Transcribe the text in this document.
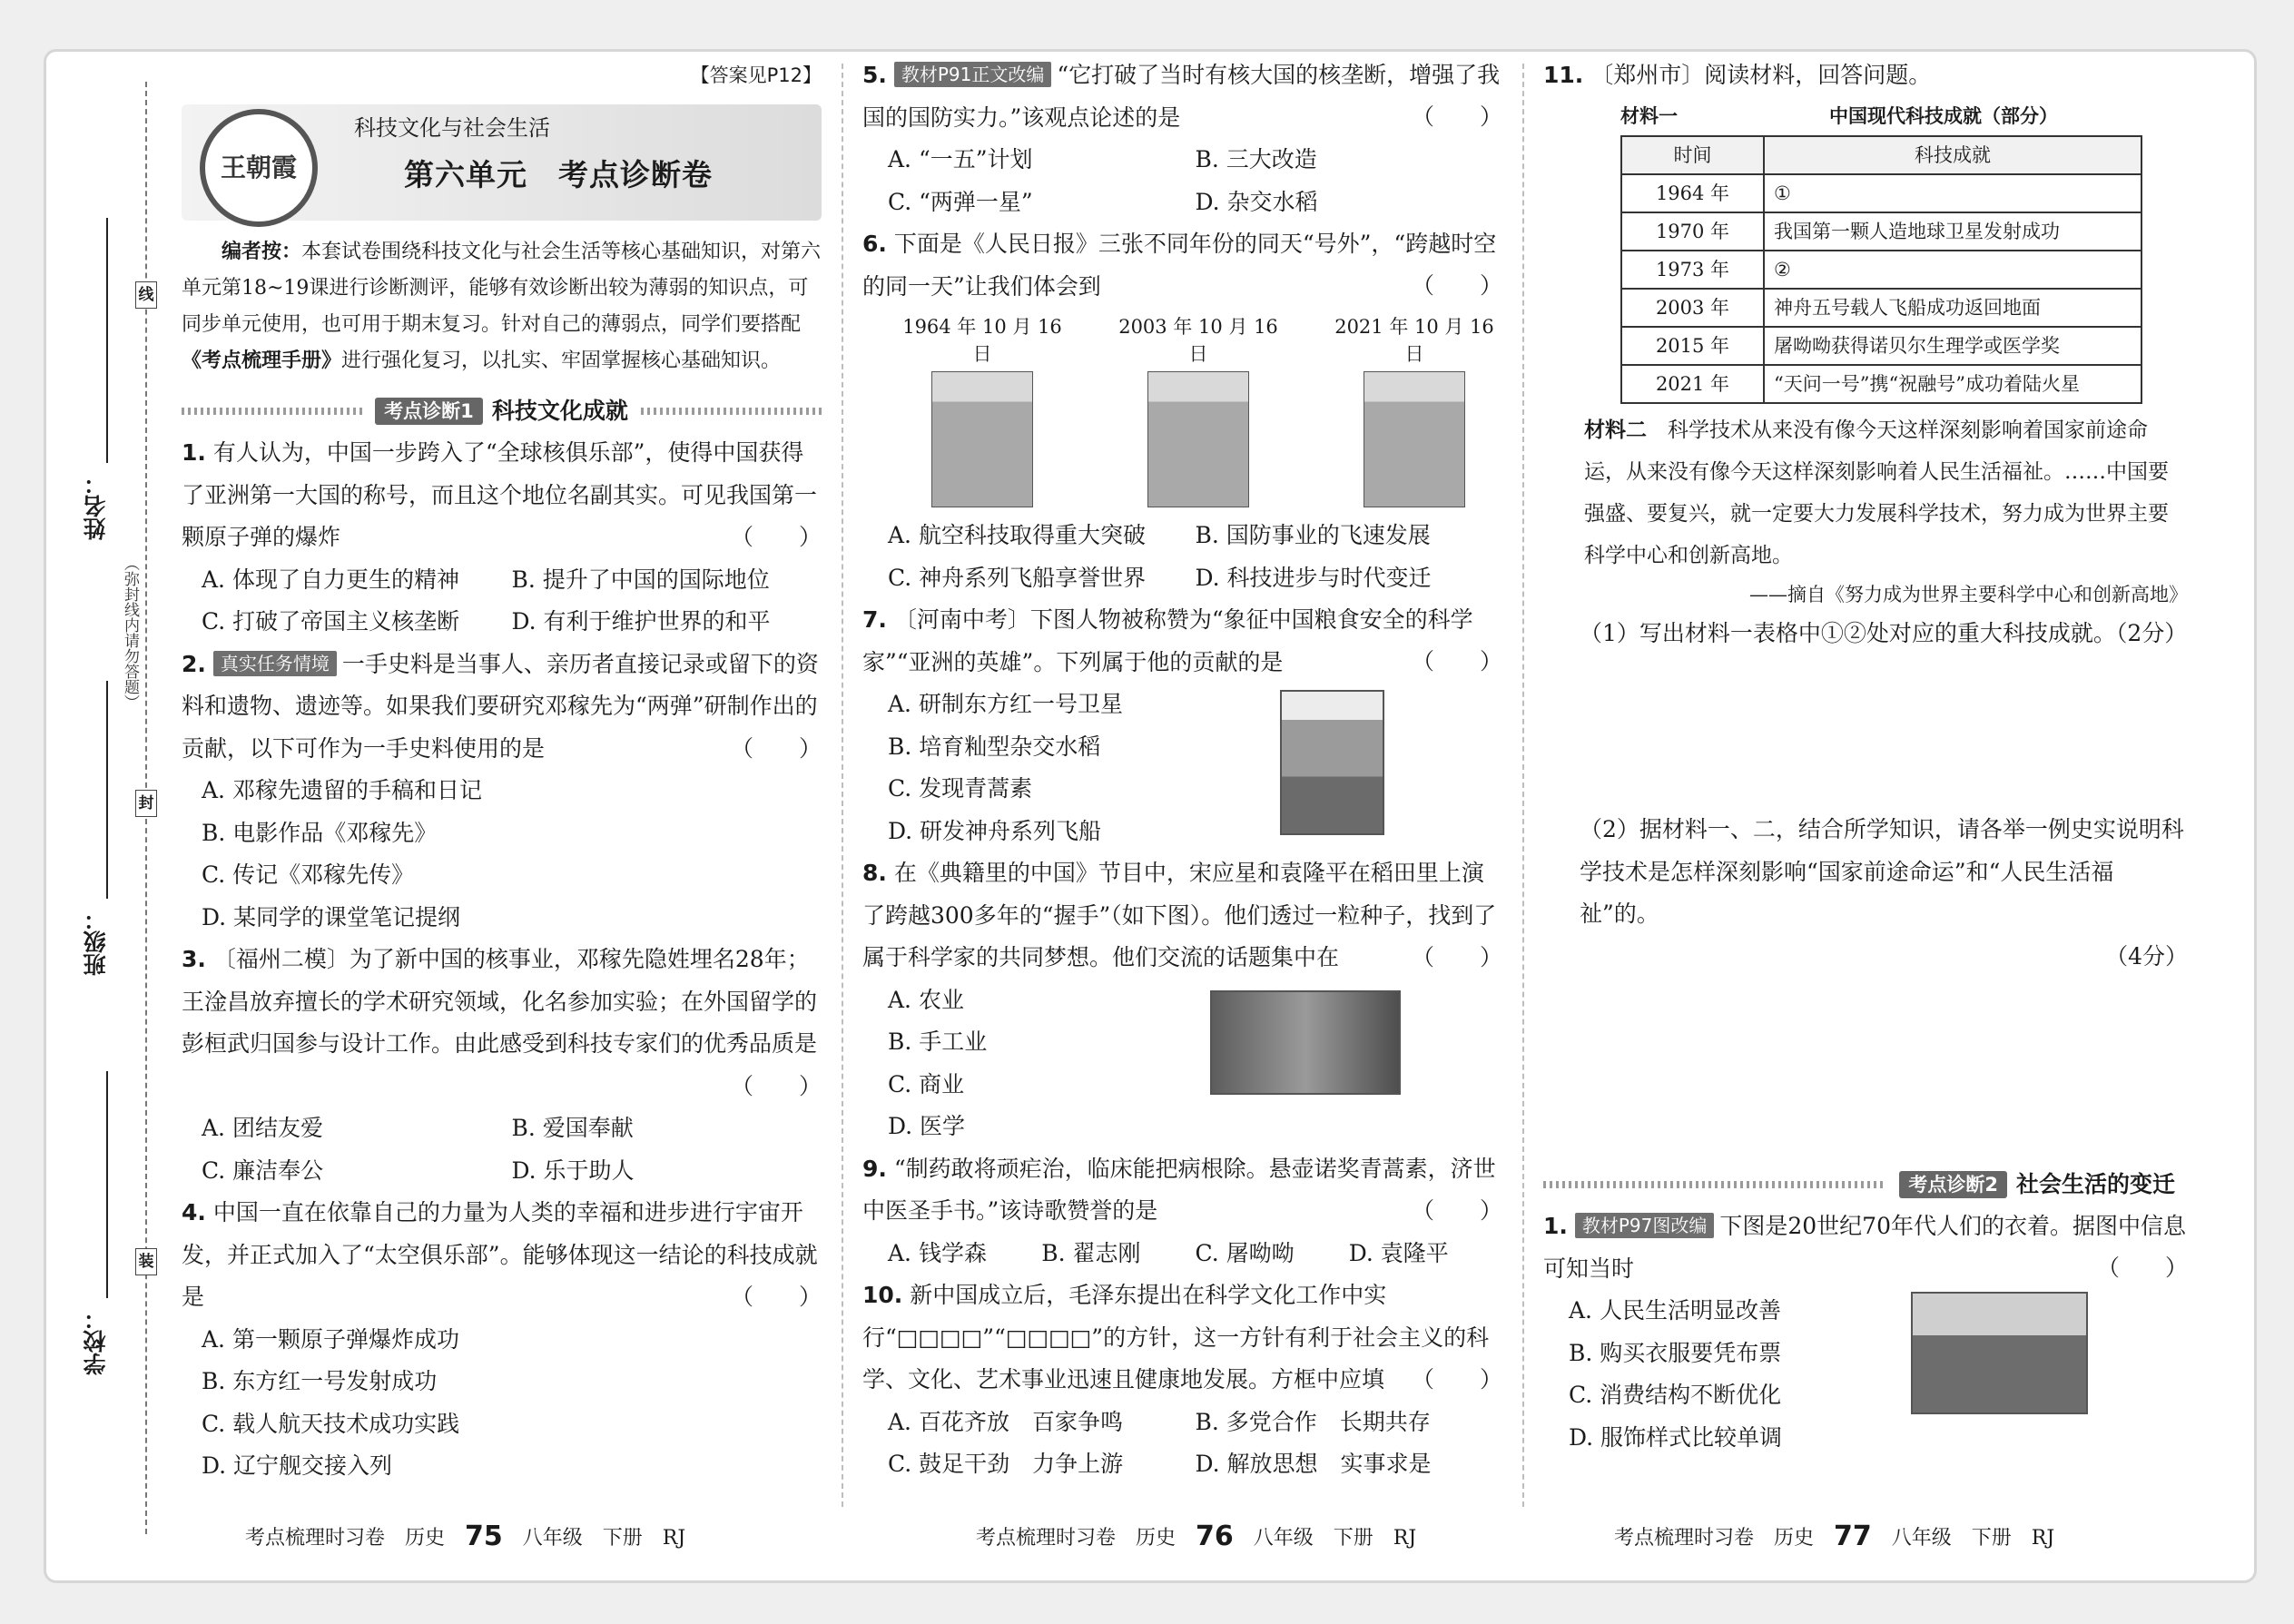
学校：
班级：
姓名：
装
封
线
（弥封线内请勿答题）
【答案见P12】
王朝霞
科技文化与社会生活
第六单元　考点诊断卷

编者按：本套试卷围绕科技文化与社会生活等核心基础知识，对第六单元第18~19课进行诊断测评，能够有效诊断出较为薄弱的知识点，可同步单元使用，也可用于期末复习。针对自己的薄弱点，同学们要搭配《考点梳理手册》进行强化复习，以扎实、牢固掌握核心基础知识。

考点诊断1 科技文化成就

1. 有人认为，中国一步跨入了“全球核俱乐部”，使得中国获得了亚洲第一大国的称号，而且这个地位名副其实。可见我国第一颗原子弹的爆炸	（　　）
A. 体现了自力更生的精神	B. 提升了中国的国际地位
C. 打破了帝国主义核垄断	D. 有利于维护世界的和平

2. 真实任务情境 一手史料是当事人、亲历者直接记录或留下的资料和遗物、遗迹等。如果我们要研究邓稼先为“两弹”研制作出的贡献，以下可作为一手史料使用的是	（　　）

A. 邓稼先遗留的手稿和日记

B. 电影作品《邓稼先》

C. 传记《邓稼先传》

D. 某同学的课堂笔记提纲

3. 〔福州二模〕为了新中国的核事业，邓稼先隐姓埋名28年；王淦昌放弃擅长的学术研究领域，化名参加实验；在外国留学的彭桓武归国参与设计工作。由此感受到科技专家们的优秀品质是

（　　）

A. 团结友爱	B. 爱国奉献
C. 廉洁奉公	D. 乐于助人

4. 中国一直在依靠自己的力量为人类的幸福和进步进行宇宙开发，并正式加入了“太空俱乐部”。能够体现这一结论的科技成就是	（　　）

A. 第一颗原子弹爆炸成功

B. 东方红一号发射成功

C. 载人航天技术成功实践

D. 辽宁舰交接入列

5. 教材P91正文改编 “它打破了当时有核大国的核垄断，增强了我国的国防实力。”该观点论述的是	（　　）
A. “一五”计划	B. 三大改造
C. “两弹一星”	D. 杂交水稻

6. 下面是《人民日报》三张不同年份的同天“号外”，“跨越时空的同一天”让我们体会到	（　　）
1964 年 10 月 16 日
2003 年 10 月 16 日
2021 年 10 月 16 日
A. 航空科技取得重大突破	B. 国防事业的飞速发展
C. 神舟系列飞船享誉世界	D. 科技进步与时代变迁

7. 〔河南中考〕下图人物被称赞为“象征中国粮食安全的科学家”“亚洲的英雄”。下列属于他的贡献的是	（　　）

A. 研制东方红一号卫星

B. 培育籼型杂交水稻

C. 发现青蒿素

D. 研发神舟系列飞船

8. 在《典籍里的中国》节目中，宋应星和袁隆平在稻田里上演了跨越300多年的“握手”（如下图）。他们透过一粒种子，找到了属于科学家的共同梦想。他们交流的话题集中在	（　　）

A. 农业

B. 手工业

C. 商业

D. 医学

9. “制药敢将顽疟治，临床能把病根除。悬壶诺奖青蒿素，济世中医圣手书。”该诗歌赞誉的是	（　　）
A. 钱学森	B. 翟志刚	C. 屠呦呦	D. 袁隆平

10. 新中国成立后，毛泽东提出在科学文化工作中实行“□□□□”“□□□□”的方针，这一方针有利于社会主义的科学、文化、艺术事业迅速且健康地发展。方框中应填	（　　）
A. 百花齐放　百家争鸣	B. 多党合作　长期共存
C. 鼓足干劲　力争上游	D. 解放思想　实事求是

11. 〔郑州市〕阅读材料，回答问题。

材料一	中国现代科技成就（部分）
时间	科技成就
1964 年	①
1970 年	我国第一颗人造地球卫星发射成功
1973 年	②
2003 年	神舟五号载人飞船成功返回地面
2015 年	屠呦呦获得诺贝尔生理学或医学奖
2021 年	“天问一号”携“祝融号”成功着陆火星

材料二　 科学技术从来没有像今天这样深刻影响着国家前途命运，从来没有像今天这样深刻影响着人民生活福祉。……中国要强盛、要复兴，就一定要大力发展科学技术，努力成为世界主要科学中心和创新高地。

——摘自《努力成为世界主要科学中心和创新高地》

（1）写出材料一表格中①②处对应的重大科技成就。（2分）

（2）据材料一、二，结合所学知识，请各举一例史实说明科学技术是怎样深刻影响“国家前途命运”和“人民生活福祉”的。

（4分）

考点诊断2 社会生活的变迁

1. 教材P97图改编 下图是20世纪70年代人们的衣着。据图中信息可知当时	（　　）

A. 人民生活明显改善

B. 购买衣服要凭布票

C. 消费结构不断优化

D. 服饰样式比较单调

考点梳理时习卷　历史 75 八年级　下册　RJ	考点梳理时习卷　历史 76 八年级　下册　RJ	考点梳理时习卷　历史 77 八年级　下册　RJ
